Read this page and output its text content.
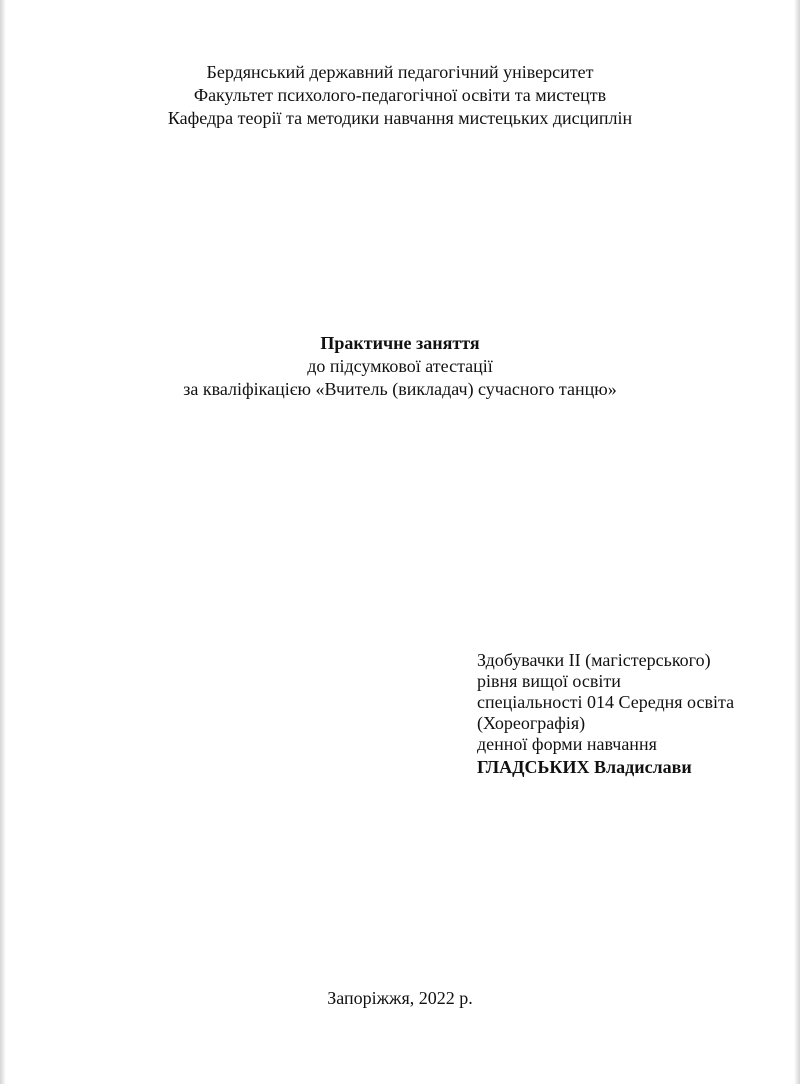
Бердянський державний педагогічний університет
Факультет психолого-педагогічної освіти та мистецтв
Кафедра теорії та методики навчання мистецьких дисциплін
Практичне заняття
до підсумкової атестації
за кваліфікацією «Вчитель (викладач) сучасного танцю»
Здобувачки ІІ (магістерського)
рівня вищої освіти
спеціальності 014 Середня освіта
(Хореографія)
денної форми навчання
ГЛАДСЬКИХ Владислави
Запоріжжя, 2022 р.
